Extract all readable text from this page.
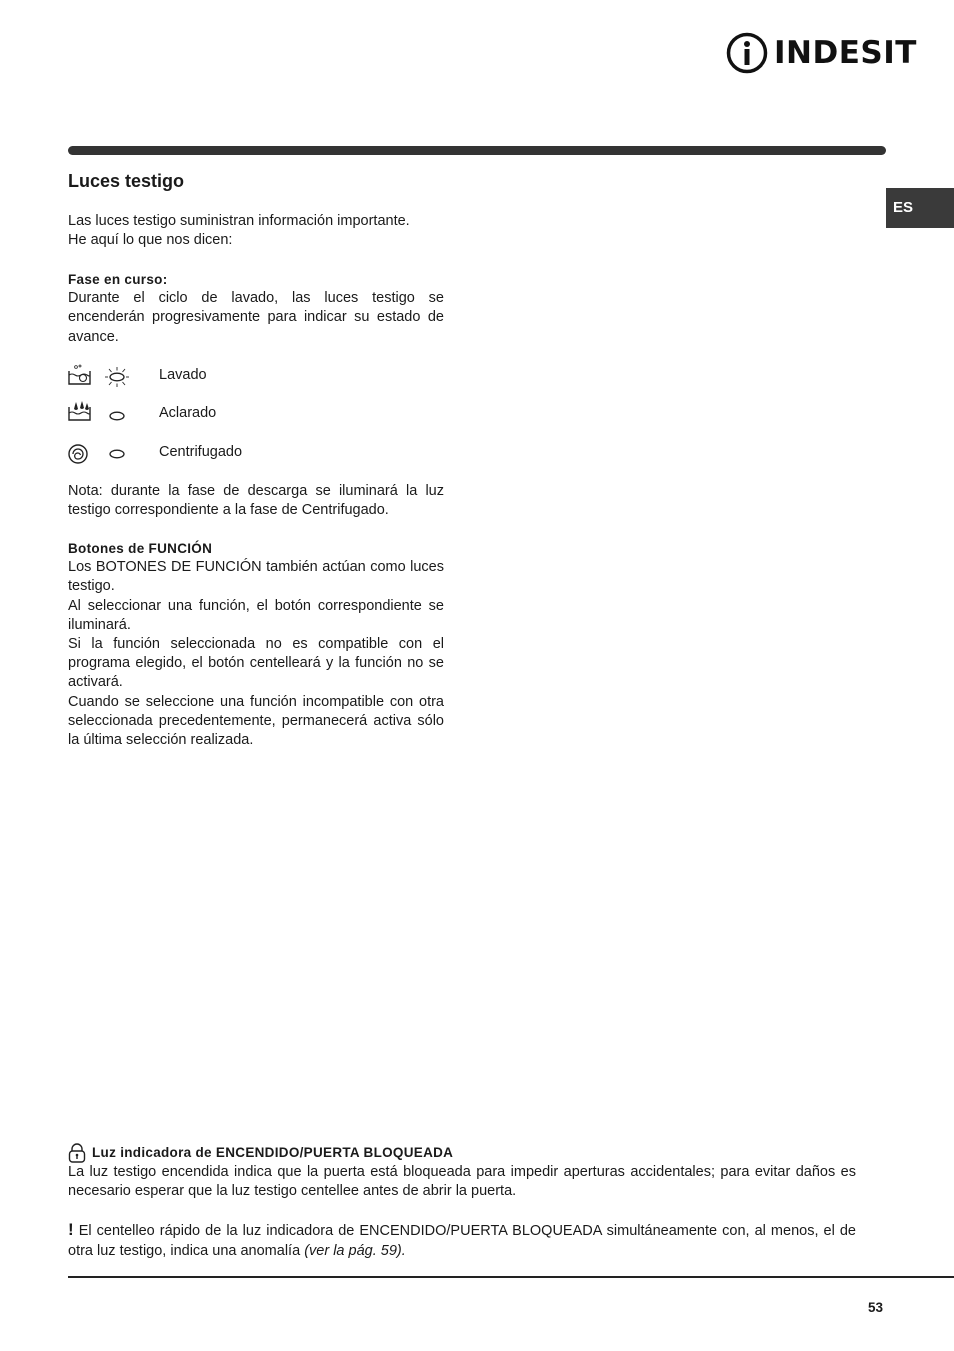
INDESIT
ES
Luces testigo

Las luces testigo suministran información importante.

He aquí lo que nos dicen:

Fase en curso:

Durante el ciclo de lavado, las luces testigo se encenderán progresivamente para indicar su estado de avance.

Lavado
Aclarado
Centrifugado

Nota: durante la fase de descarga se iluminará la luz testigo correspondiente a la fase de Centrifugado.

Botones de FUNCIÓN

Los BOTONES DE FUNCIÓN también actúan como luces testigo.

Al seleccionar una función, el botón correspondiente se iluminará.

Si la función seleccionada no es compatible con el programa elegido, el botón centelleará y la función no se activará.

Cuando se seleccione una función incompatible con otra seleccionada precedentemente, permanecerá activa sólo la última selección realizada.

Luz indicadora de ENCENDIDO/PUERTA BLOQUEADA

La luz testigo encendida indica que la puerta está bloqueada para impedir aperturas accidentales; para evitar daños es necesario esperar que la luz testigo centellee antes de abrir la puerta.

! El centelleo rápido de la luz indicadora de ENCENDIDO/PUERTA BLOQUEADA simultáneamente con, al menos, el de otra luz testigo, indica una anomalía (ver la pág. 59).

53
